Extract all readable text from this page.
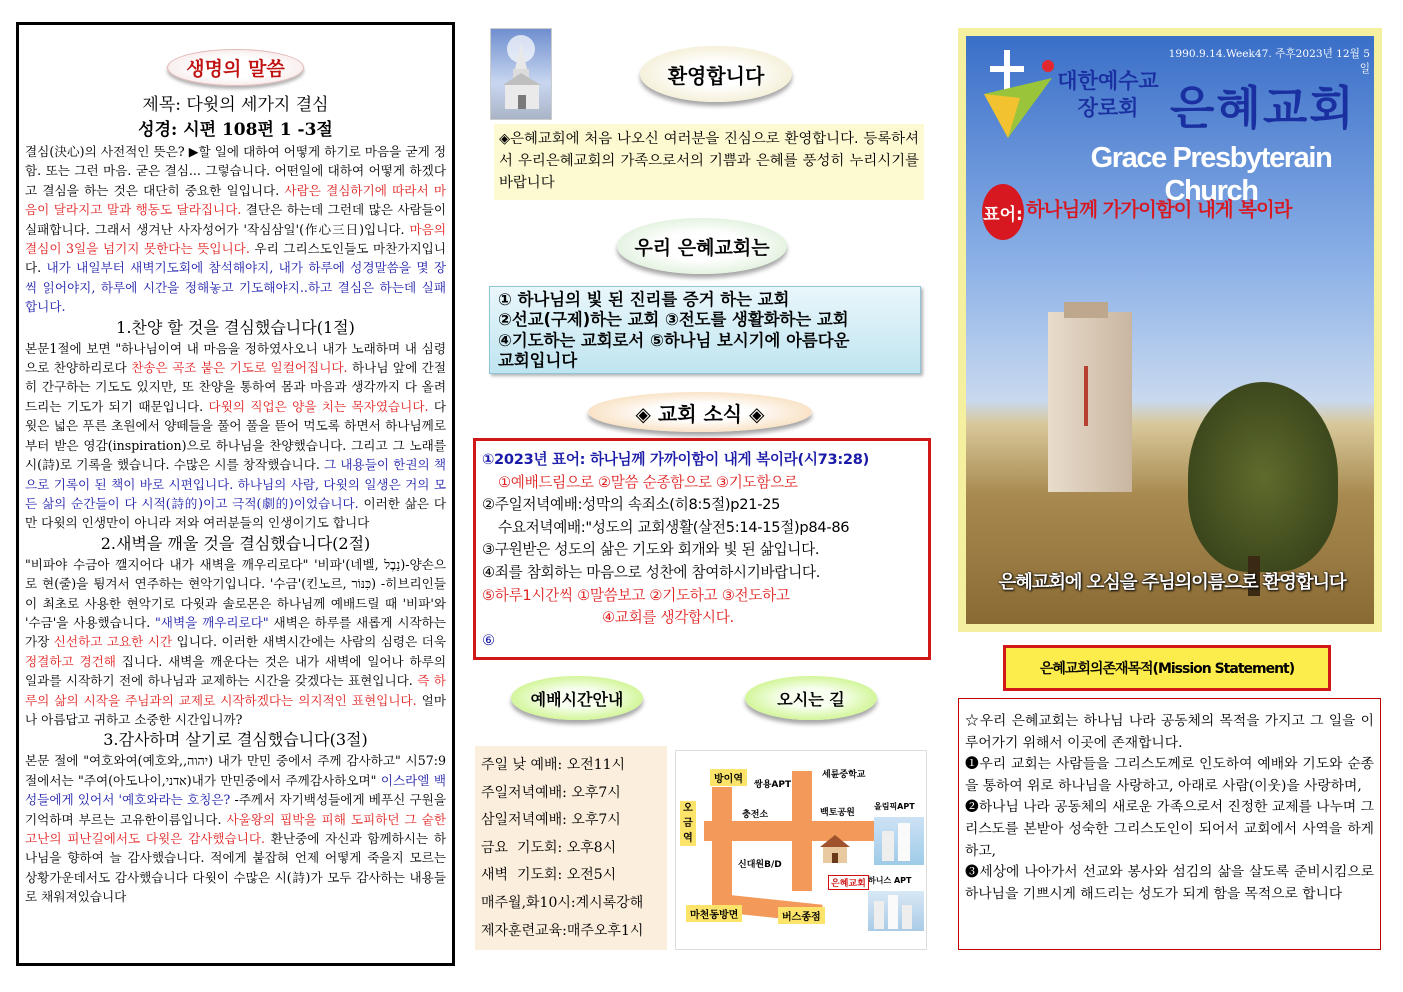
생명의 말씀
제목: 다윗의 세가지 결심
성경: 시편 108편 1 -3절

결심(決心)의 사전적인 뜻은? ▶할 일에 대하여 어떻게 하기로 마음을 굳게 정함. 또는 그런 마음. 굳은 결심... 그렇습니다. 어떤일에 대하여 어떻게 하겠다고 결심을 하는 것은 대단히 중요한 일입니다. 사람은 결심하기에 따라서 마음이 달라지고 말과 행동도 달라집니다. 결단은 하는데 그런데 많은 사람들이 실패합니다. 그래서 생겨난 사자성어가 '작심삼일'(作心三日)입니다. 마음의 결심이 3일을 넘기지 못한다는 뜻입니다. 우리 그리스도인들도 마찬가지입니다. 내가 내일부터 새벽기도회에 참석해야지, 내가 하루에 성경말씀을 몇 장씩 읽어야지, 하루에 시간을 정해놓고 기도해야지..하고 결심은 하는데 실패합니다.

1.찬양 할 것을 결심했습니다(1절)

본문1절에 보면 "하나님이여 내 마음을 정하였사오니 내가 노래하며 내 심령으로 찬양하리로다 찬송은 곡조 붙은 기도로 일컬어집니다. 하나님 앞에 간절히 간구하는 기도도 있지만, 또 찬양을 통하여 몸과 마음과 생각까지 다 올려드리는 기도가 되기 때문입니다. 다윗의 직업은 양을 치는 목자였습니다. 다윗은 넓은 푸른 초원에서 양떼들을 풀어 풀을 뜯어 먹도록 하면서 하나님께로부터 받은 영감(inspiration)으로 하나님을 찬양했습니다. 그리고 그 노래를 시(詩)로 기록을 했습니다. 수많은 시를 창작했습니다. 그 내용들이 한권의 책으로 기록이 된 책이 바로 시편입니다. 하나님의 사람, 다윗의 일생은 거의 모든 삶의 순간들이 다 시적(詩的)이고 극적(劇的)이었습니다. 이러한 삶은 다만 다윗의 인생만이 아니라 저와 여러분들의 인생이기도 합니다

2.새벽을 깨울 것을 결심했습니다(2절)

"비파야 수금아 깰지어다 내가 새벽을 깨우리로다" '비파'(네벨, נֵבֶל)-양손으로 현(줄)을 튕겨서 연주하는 현악기입니다. '수금'(킨노르, כִּנּוֹר) -히브리인들이 최초로 사용한 현악기로 다윗과 솔로몬은 하나님께 예배드릴 때 '비파'와 '수금'을 사용했습니다. "새벽을 깨우리로다" 새벽은 하루를 새롭게 시작하는 가장 신선하고 고요한 시간 입니다. 이러한 새벽시간에는 사람의 심령은 더욱 정결하고 경건해 집니다. 새벽을 깨운다는 것은 내가 새벽에 일어나 하루의 일과를 시작하기 전에 하나님과 교제하는 시간을 갖겠다는 표현입니다. 즉 하루의 삶의 시작을 주님과의 교제로 시작하겠다는 의지적인 표현입니다. 얼마나 아름답고 귀하고 소중한 시간입니까?

3.감사하며 살기로 결심했습니다(3절)

본문 절에 "여호와여(예호와,,יהוה) 내가 만민 중에서 주께 감사하고" 시57:9절에서는 "주여(아도나이,אדני)내가 만민중에서 주께감사하오며" 이스라엘 백성들에게 있어서 '예호와라는 호칭은? -주께서 자기백성들에게 베푸신 구원을기억하며 부르는 고유한이름입니다. 사울왕의 핍박을 피해 도피하던 그 숱한 고난의 피난길에서도 다윗은 감사했습니다. 환난중에 자신과 함께하시는 하나님을 향하여 늘 감사했습니다. 적에게 붙잡혀 언제 어떻게 죽을지 모르는 상황가운데서도 감사했습니다 다윗이 수많은 시(詩)가 모두 감사하는 내용들로 채워져있습니다

환영합니다
◈은혜교회에 처음 나오신 여러분을 진심으로 환영합니다. 등록하셔서 우리은혜교회의 가족으로서의 기쁨과 은혜를 풍성히 누리시기를 바랍니다
우리 은혜교회는
① 하나님의 빛 된 진리를 증거 하는 교회
②선교(구제)하는 교회 ③전도를 생활화하는 교회
④기도하는 교회로서 ⑤하나님 보시기에 아름다운
교회입니다
◈ 교회 소식 ◈
①2023년 표어: 하나님께 가까이함이 내게 복이라(시73:28)
①예배드림으로 ②말씀 순종함으로 ③기도함으로
②주일저녁예배:성막의 속죄소(히8:5절)p21-25
수요저녁예배:"성도의 교회생활(살전5:14-15절)p84-86
③구원받은 성도의 삶은 기도와 회개와 빛 된 삶입니다.
④죄를 참회하는 마음으로 성찬에 참여하시기바랍니다.
⑤하루1시간씩 ①말씀보고 ②기도하고 ③전도하고
④교회를 생각합시다.
⑥
예배시간안내	오시는 길
주일 낮 예배: 오전11시
주일저녁예배: 오후7시
삼일저녁예배: 오후7시
금요  기도회: 오후8시
새벽  기도회: 오전5시
매주월,화10시:계시록강해
제자훈련교육:매주오후1시
방이역	쌍용APT
세륜중학교
오
금
역
충전소	백토공원
올림픽APT
신대원B/D
은혜교회 하니스 APT
마천동방면	버스종점
1990.9.14.Week47. 주후2023년 12월 5일
대한예수교 장로회 은혜교회
Grace Presbyterain Church
표어: 하나님께 가가이함이 내게 복이라
은혜교회에 오심을 주님의이름으로 환영합니다
은혜교회의존재목적(Mission Statement)
☆우리 은혜교회는 하나님 나라 공동체의 목적을 가지고 그 일을 이루어가기 위해서 이곳에 존재합니다.
❶우리 교회는 사람들을 그리스도께로 인도하여 예배와 기도와 순종을 통하여 위로 하나님을 사랑하고, 아래로 사람(이웃)을 사랑하며,
❷하나님 나라 공동체의 새로운 가족으로서 진정한 교제를 나누며 그리스도를 본받아 성숙한 그리스도인이 되어서 교회에서 사역을 하게하고,
❸세상에 나아가서 선교와 봉사와 섬김의 삶을 살도록 준비시킴으로 하나님을 기쁘시게 해드리는 성도가 되게 함을 목적으로 합니다
